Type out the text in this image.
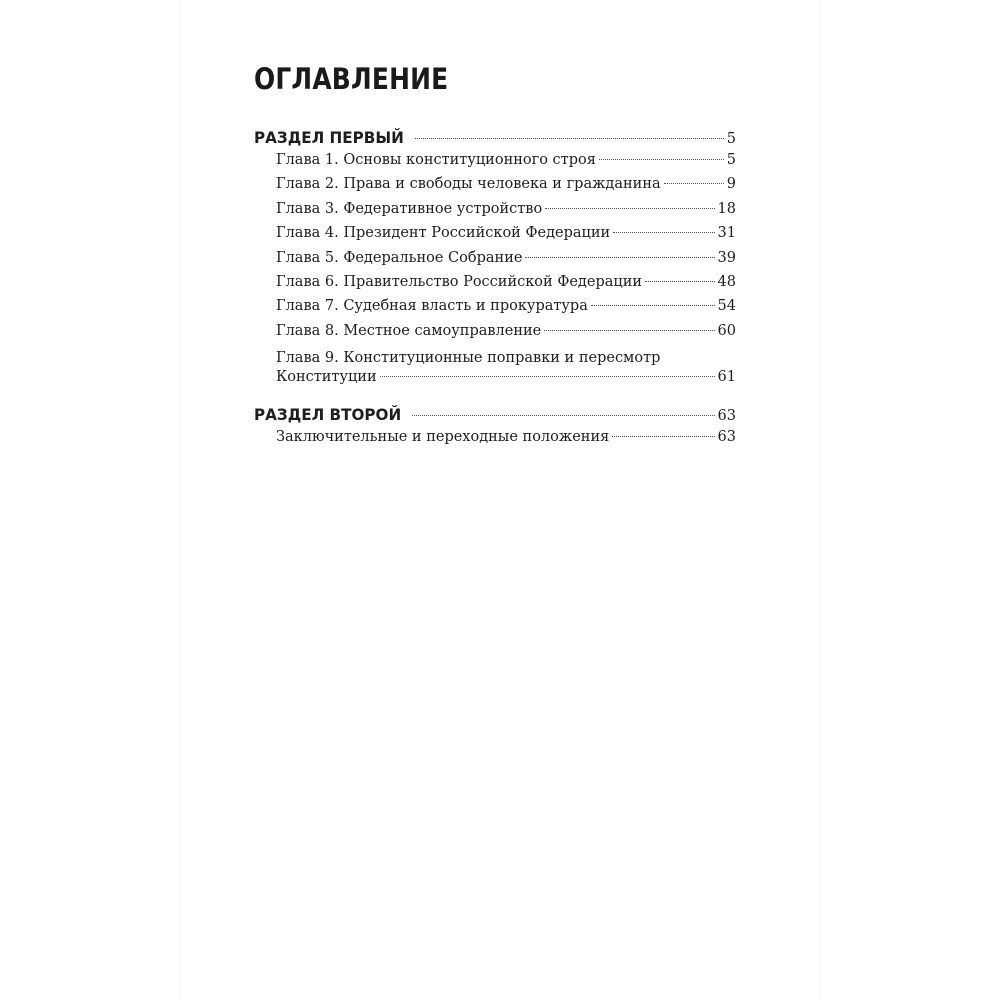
ОГЛАВЛЕНИЕ
РАЗДЕЛ ПЕРВЫЙ	5
Глава 1. Основы конституционного строя	5
Глава 2. Права и свободы человека и гражданина	9
Глава 3. Федеративное устройство	18
Глава 4. Президент Российской Федерации	31
Глава 5. Федеральное Собрание	39
Глава 6. Правительство Российской Федерации	48
Глава 7. Судебная власть и прокуратура	54
Глава 8. Местное самоуправление	60
Глава 9. Конституционные поправки и пересмотр
Конституции	61
РАЗДЕЛ ВТОРОЙ	63
Заключительные и переходные положения	63
